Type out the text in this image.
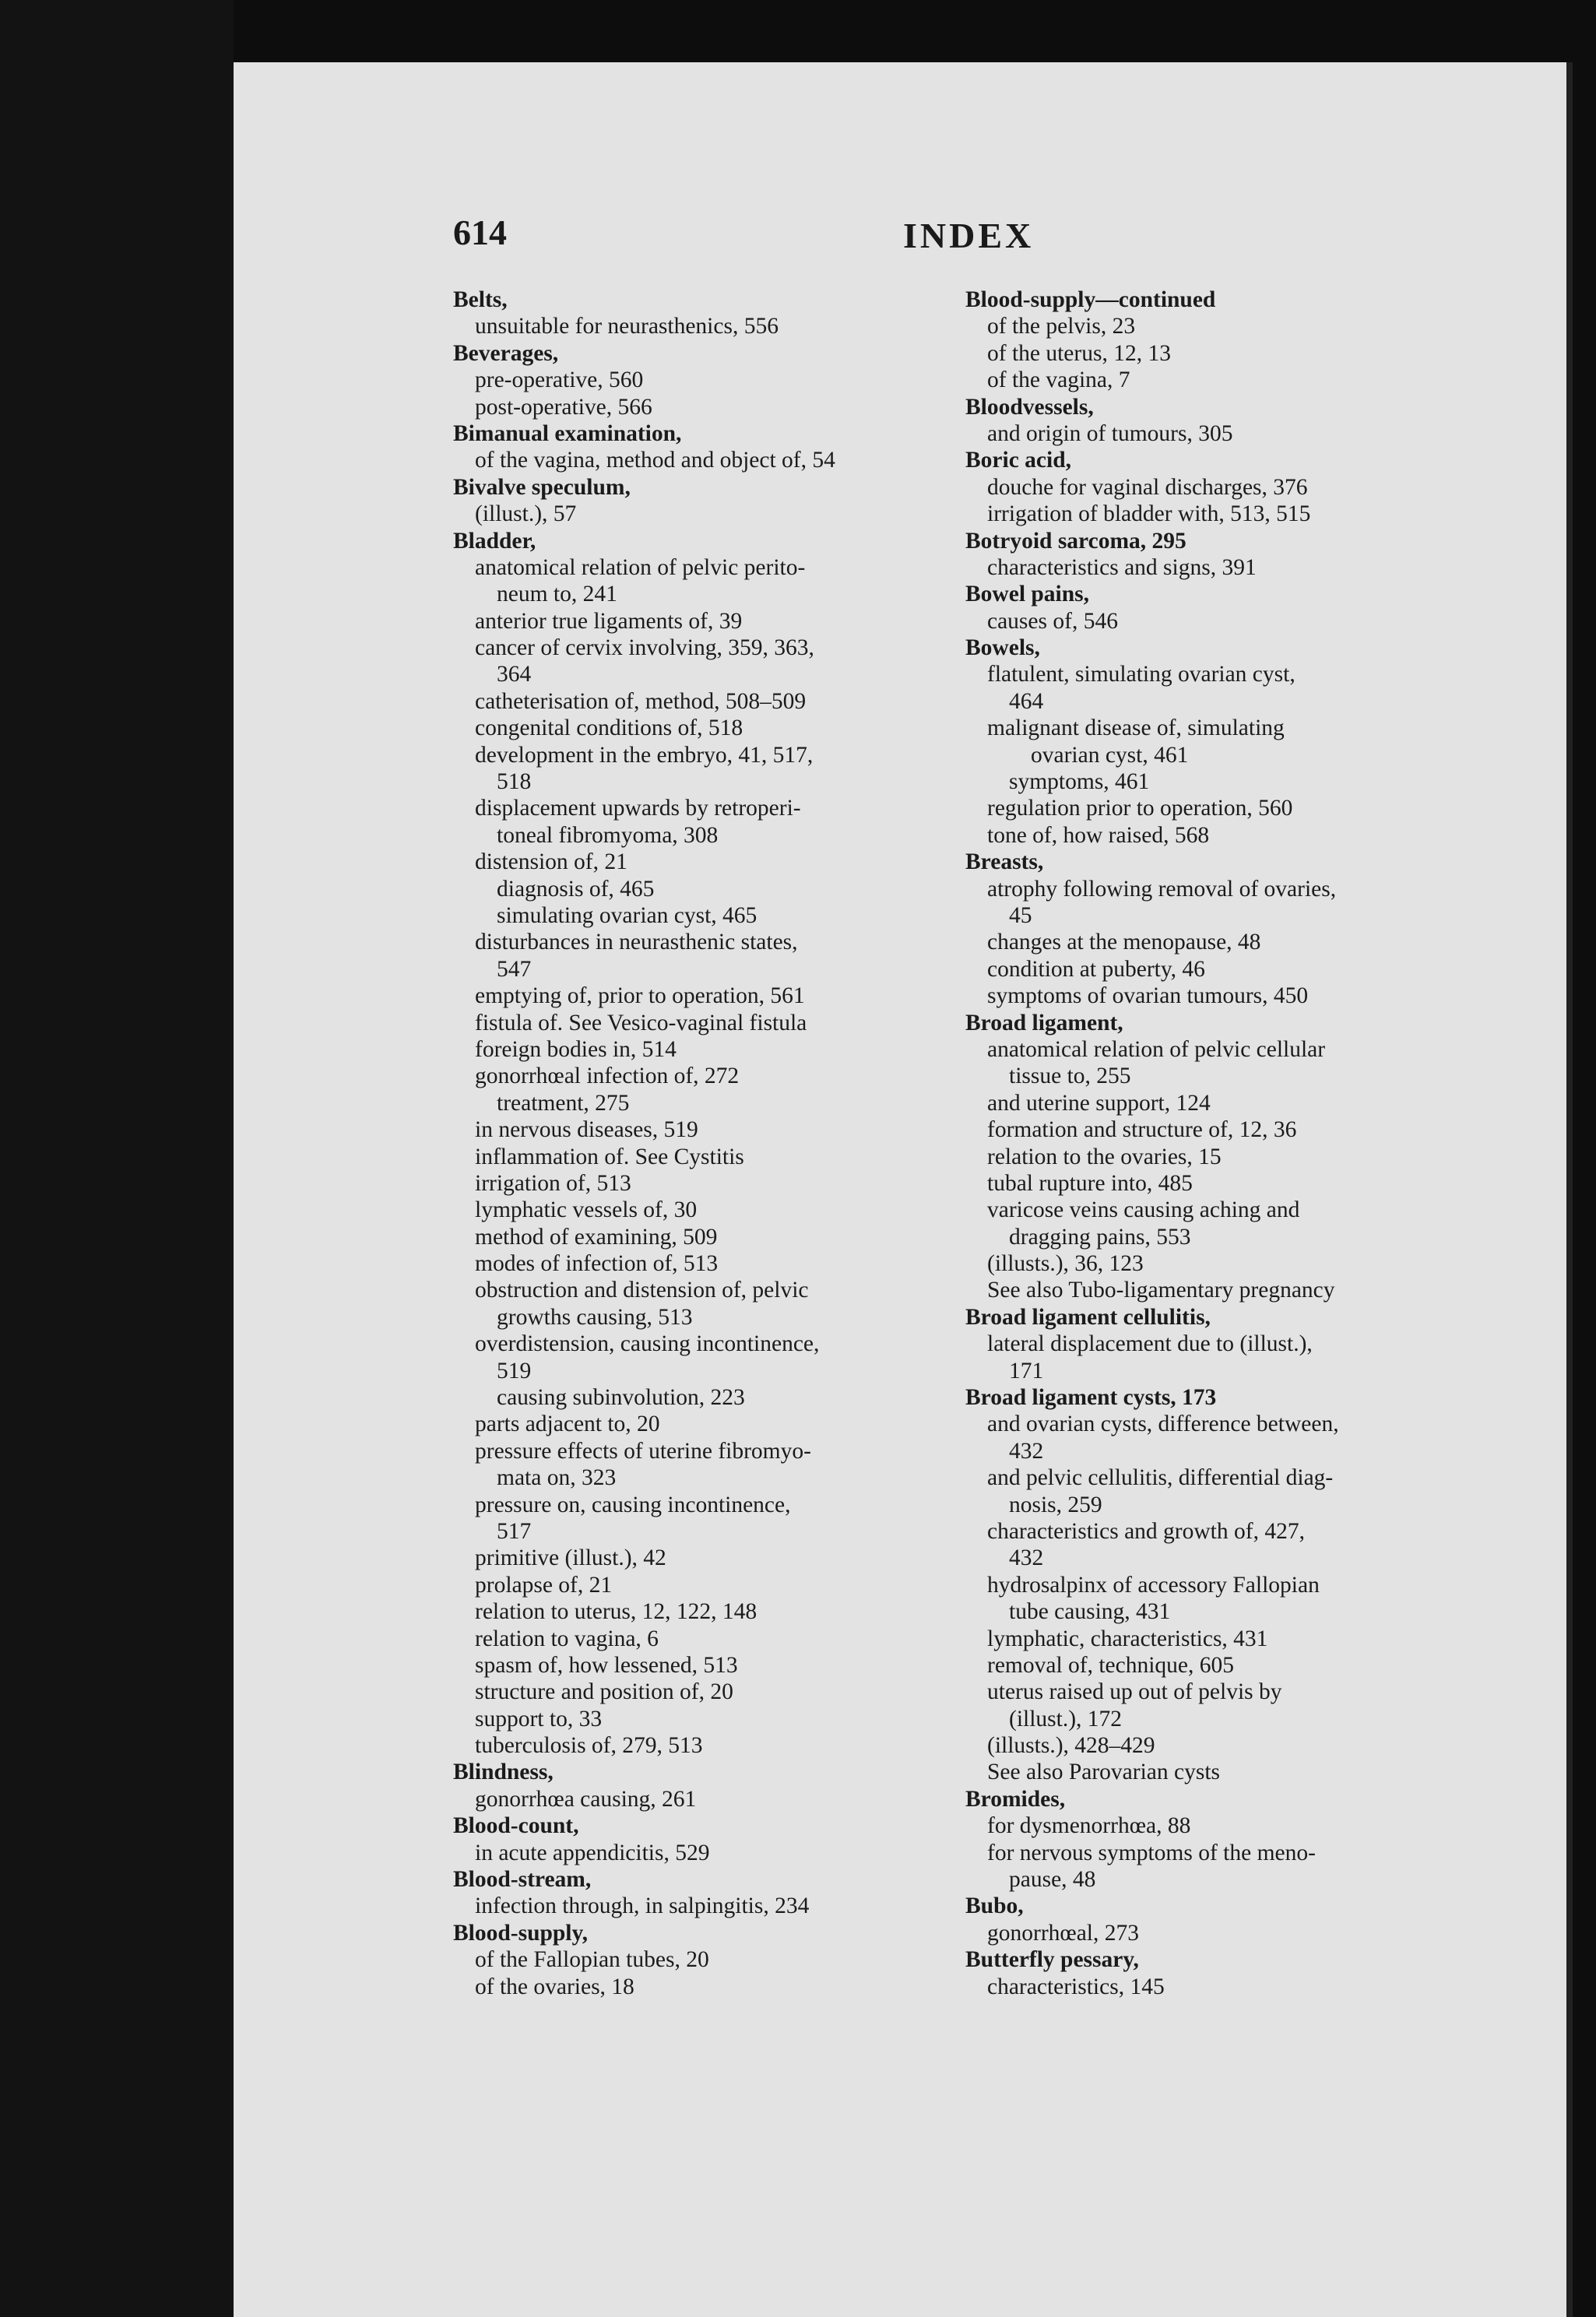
614	INDEX
Belts,
unsuitable for neurasthenics, 556
Beverages,
pre-operative, 560
post-operative, 566
Bimanual examination,
of the vagina, method and object of, 54
Bivalve speculum,
(illust.), 57
Bladder,
anatomical relation of pelvic perito-
neum to, 241
anterior true ligaments of, 39
cancer of cervix involving, 359, 363,
364
catheterisation of, method, 508–509
congenital conditions of, 518
development in the embryo, 41, 517,
518
displacement upwards by retroperi-
toneal fibromyoma, 308
distension of, 21
diagnosis of, 465
simulating ovarian cyst, 465
disturbances in neurasthenic states,
547
emptying of, prior to operation, 561
fistula of. See Vesico-vaginal fistula
foreign bodies in, 514
gonorrhœal infection of, 272
treatment, 275
in nervous diseases, 519
inflammation of. See Cystitis
irrigation of, 513
lymphatic vessels of, 30
method of examining, 509
modes of infection of, 513
obstruction and distension of, pelvic
growths causing, 513
overdistension, causing incontinence,
519
causing subinvolution, 223
parts adjacent to, 20
pressure effects of uterine fibromyo-
mata on, 323
pressure on, causing incontinence,
517
primitive (illust.), 42
prolapse of, 21
relation to uterus, 12, 122, 148
relation to vagina, 6
spasm of, how lessened, 513
structure and position of, 20
support to, 33
tuberculosis of, 279, 513
Blindness,
gonorrhœa causing, 261
Blood-count,
in acute appendicitis, 529
Blood-stream,
infection through, in salpingitis, 234
Blood-supply,
of the Fallopian tubes, 20
of the ovaries, 18
Blood-supply—continued
of the pelvis, 23
of the uterus, 12, 13
of the vagina, 7
Bloodvessels,
and origin of tumours, 305
Boric acid,
douche for vaginal discharges, 376
irrigation of bladder with, 513, 515
Botryoid sarcoma, 295
characteristics and signs, 391
Bowel pains,
causes of, 546
Bowels,
flatulent, simulating ovarian cyst,
464
malignant disease of, simulating
ovarian cyst, 461
symptoms, 461
regulation prior to operation, 560
tone of, how raised, 568
Breasts,
atrophy following removal of ovaries,
45
changes at the menopause, 48
condition at puberty, 46
symptoms of ovarian tumours, 450
Broad ligament,
anatomical relation of pelvic cellular
tissue to, 255
and uterine support, 124
formation and structure of, 12, 36
relation to the ovaries, 15
tubal rupture into, 485
varicose veins causing aching and
dragging pains, 553
(illusts.), 36, 123
See also Tubo-ligamentary pregnancy
Broad ligament cellulitis,
lateral displacement due to (illust.),
171
Broad ligament cysts, 173
and ovarian cysts, difference between,
432
and pelvic cellulitis, differential diag-
nosis, 259
characteristics and growth of, 427,
432
hydrosalpinx of accessory Fallopian
tube causing, 431
lymphatic, characteristics, 431
removal of, technique, 605
uterus raised up out of pelvis by
(illust.), 172
(illusts.), 428–429
See also Parovarian cysts
Bromides,
for dysmenorrhœa, 88
for nervous symptoms of the meno-
pause, 48
Bubo,
gonorrhœal, 273
Butterfly pessary,
characteristics, 145
